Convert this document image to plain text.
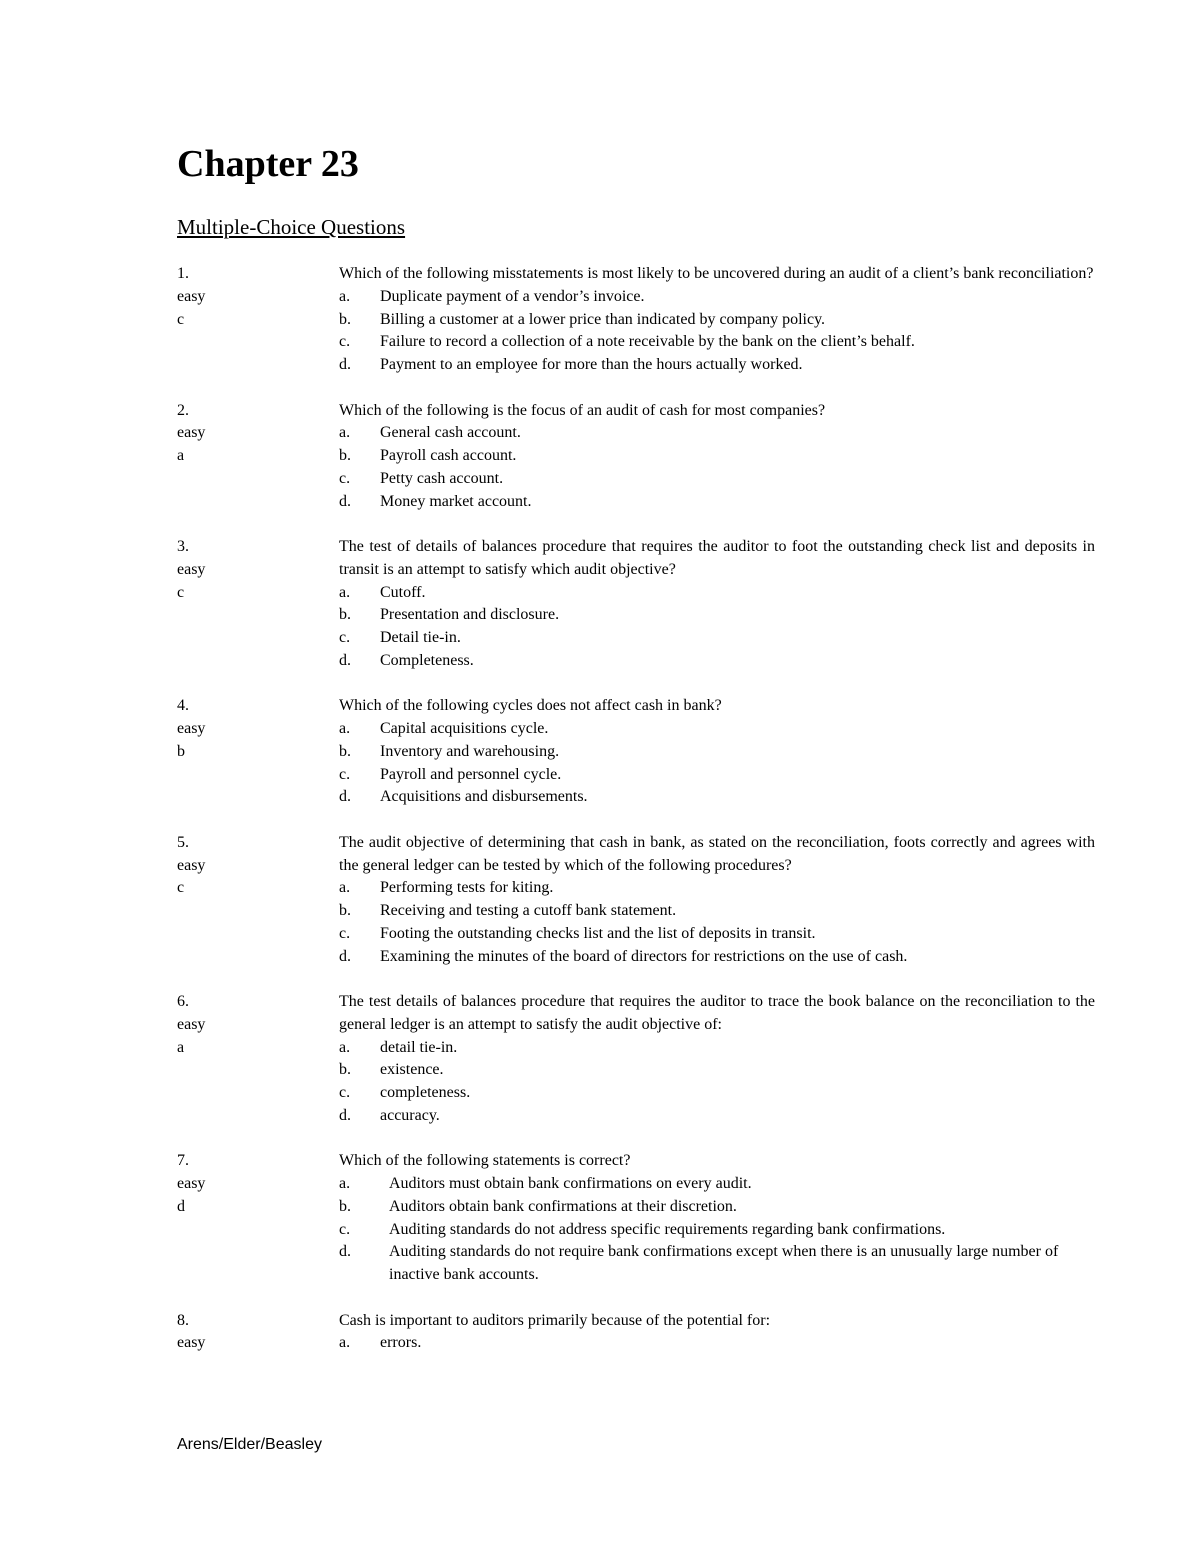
Chapter 23
Multiple-Choice Questions
1.
easy
c
Which of the following misstatements is most likely to be uncovered during an audit of a client’s bank reconciliation?
a.	Duplicate payment of a vendor’s invoice.
b.	Billing a customer at a lower price than indicated by company policy.
c.	Failure to record a collection of a note receivable by the bank on the client’s behalf.
d.	Payment to an employee for more than the hours actually worked.
2.
easy
a
Which of the following is the focus of an audit of cash for most companies?
a.	General cash account.
b.	Payroll cash account.
c.	Petty cash account.
d.	Money market account.
3.
easy
c
The test of details of balances procedure that requires the auditor to foot the outstanding check list and deposits in transit is an attempt to satisfy which audit objective?
a.	Cutoff.
b.	Presentation and disclosure.
c.	Detail tie-in.
d.	Completeness.
4.
easy
b
Which of the following cycles does not affect cash in bank?
a.	Capital acquisitions cycle.
b.	Inventory and warehousing.
c.	Payroll and personnel cycle.
d.	Acquisitions and disbursements.
5.
easy
c
The audit objective of determining that cash in bank, as stated on the reconciliation, foots correctly and agrees with the general ledger can be tested by which of the following procedures?
a.	Performing tests for kiting.
b.	Receiving and testing a cutoff bank statement.
c.	Footing the outstanding checks list and the list of deposits in transit.
d.	Examining the minutes of the board of directors for restrictions on the use of cash.
6.
easy
a
The test details of balances procedure that requires the auditor to trace the book balance on the reconciliation to the general ledger is an attempt to satisfy the audit objective of:
a.	detail tie-in.
b.	existence.
c.	completeness.
d.	accuracy.
7.
easy
d
Which of the following statements is correct?
a.	Auditors must obtain bank confirmations on every audit.
b.	Auditors obtain bank confirmations at their discretion.
c.	Auditing standards do not address specific requirements regarding bank confirmations.
d.	Auditing standards do not require bank confirmations except when there is an unusually large number of inactive bank accounts.
8.
easy
Cash is important to auditors primarily because of the potential for:
a.	errors.
Arens/Elder/Beasley
